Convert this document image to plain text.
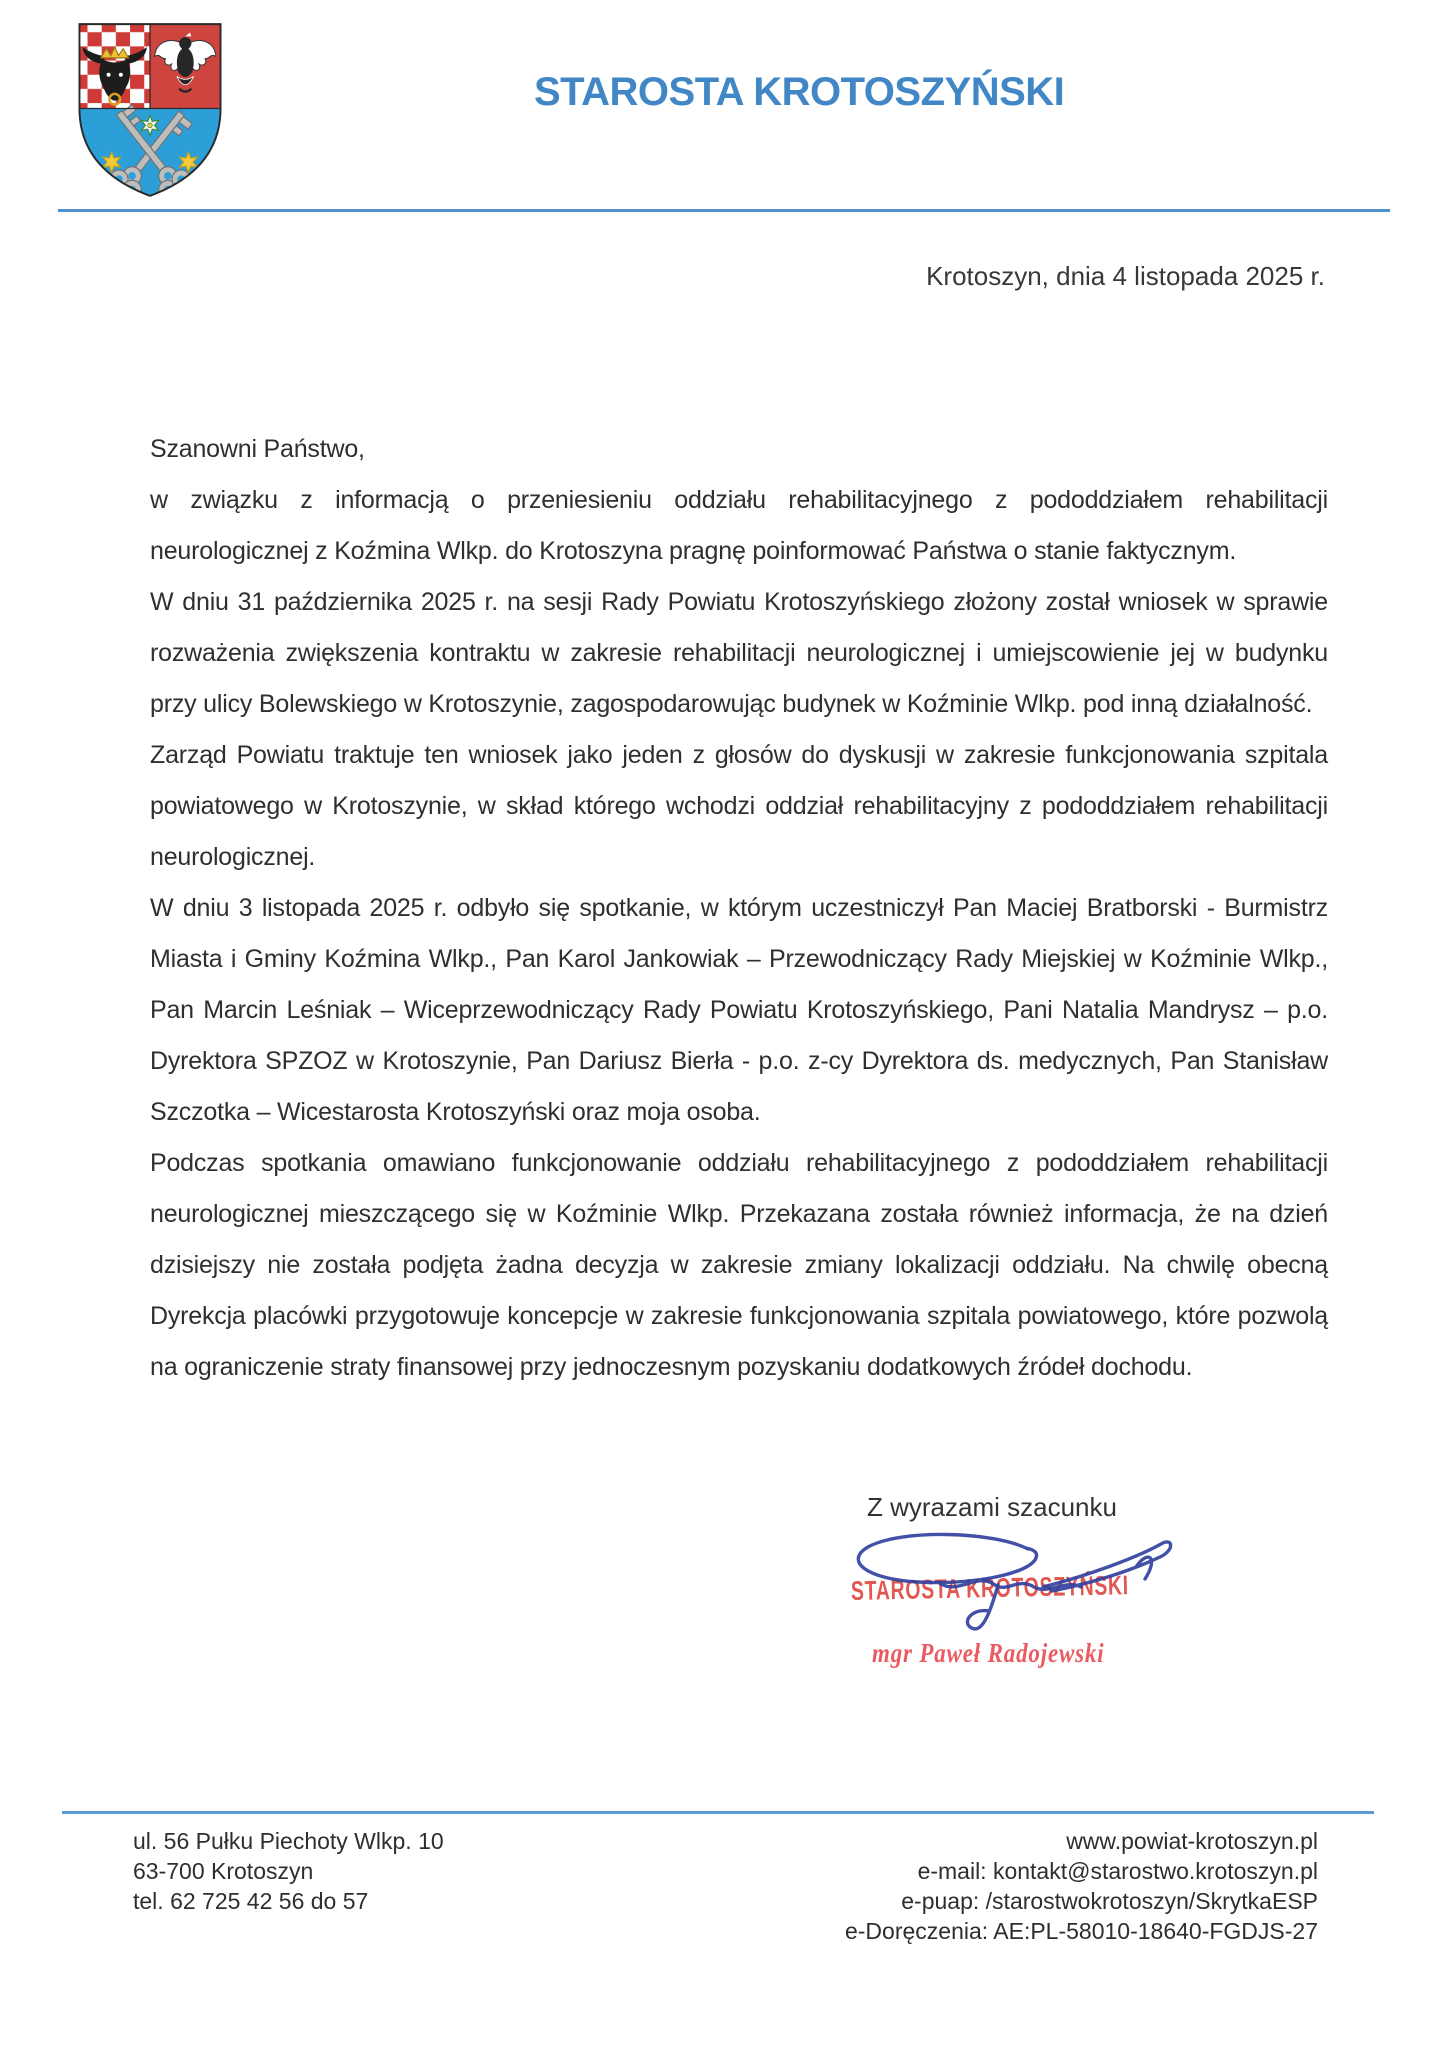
STAROSTA KROTOSZYŃSKI
Krotoszyn, dnia 4 listopada 2025 r.

Szanowni Państwo,

w związku z informacją o przeniesieniu oddziału rehabilitacyjnego z pododdziałem rehabilitacji neurologicznej z Koźmina Wlkp. do Krotoszyna pragnę poinformować Państwa o stanie faktycznym.

W dniu 31 października 2025 r. na sesji Rady Powiatu Krotoszyńskiego złożony został wniosek w sprawie rozważenia zwiększenia kontraktu w zakresie rehabilitacji neurologicznej i umiejscowienie jej w budynku przy ulicy Bolewskiego w Krotoszynie, zagospodarowując budynek w Koźminie Wlkp. pod inną działalność.

Zarząd Powiatu traktuje ten wniosek jako jeden z głosów do dyskusji w zakresie funkcjonowania szpitala powiatowego w Krotoszynie, w skład którego wchodzi oddział rehabilitacyjny z pododdziałem rehabilitacji neurologicznej.

W dniu 3 listopada 2025 r. odbyło się spotkanie, w którym uczestniczył Pan Maciej Bratborski - Burmistrz Miasta i Gminy Koźmina Wlkp., Pan Karol Jankowiak – Przewodniczący Rady Miejskiej w Koźminie Wlkp., Pan Marcin Leśniak – Wiceprzewodniczący Rady Powiatu Krotoszyńskiego, Pani Natalia Mandrysz – p.o. Dyrektora SPZOZ w Krotoszynie, Pan Dariusz Bierła - p.o. z-cy Dyrektora ds. medycznych, Pan Stanisław Szczotka – Wicestarosta Krotoszyński oraz moja osoba.

Podczas spotkania omawiano funkcjonowanie oddziału rehabilitacyjnego z pododdziałem rehabilitacji neurologicznej mieszczącego się w Koźminie Wlkp. Przekazana została również informacja, że na dzień dzisiejszy nie została podjęta żadna decyzja w zakresie zmiany lokalizacji oddziału. Na chwilę obecną Dyrekcja placówki przygotowuje koncepcje w zakresie funkcjonowania szpitala powiatowego, które pozwolą na ograniczenie straty finansowej przy jednoczesnym pozyskaniu dodatkowych źródeł dochodu.

Z wyrazami szacunku
STAROSTA KROTOSZYŃSKI
mgr Paweł Radojewski
ul. 56 Pułku Piechoty Wlkp. 10
63-700 Krotoszyn
tel. 62 725 42 56 do 57
www.powiat-krotoszyn.pl
e-mail: kontakt@starostwo.krotoszyn.pl
e-puap: /starostwokrotoszyn/SkrytkaESP
e-Doręczenia: AE:PL-58010-18640-FGDJS-27
